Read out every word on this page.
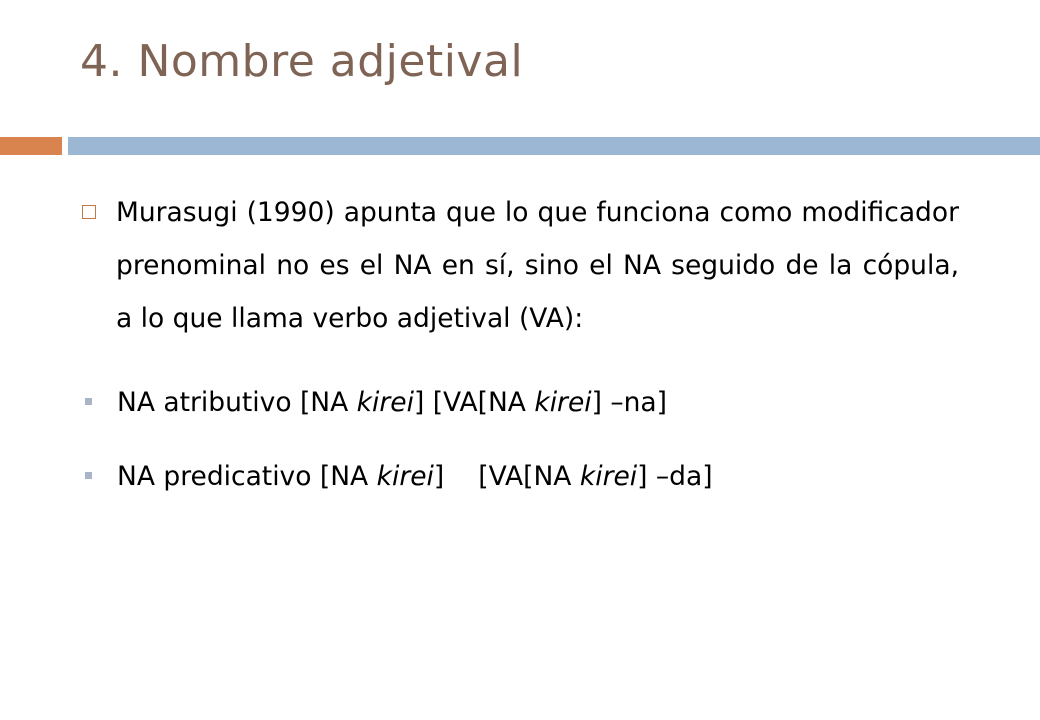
4. Nombre adjetival
Murasugi (1990) apunta que lo que funciona como modificador prenominal no es el NA en sí, sino el NA seguido de la cópula, a lo que llama verbo adjetival (VA):
NA atributivo [NA kirei] [VA[NA kirei] –na]
NA predicativo [NA kirei] [VA[NA kirei] –da]
